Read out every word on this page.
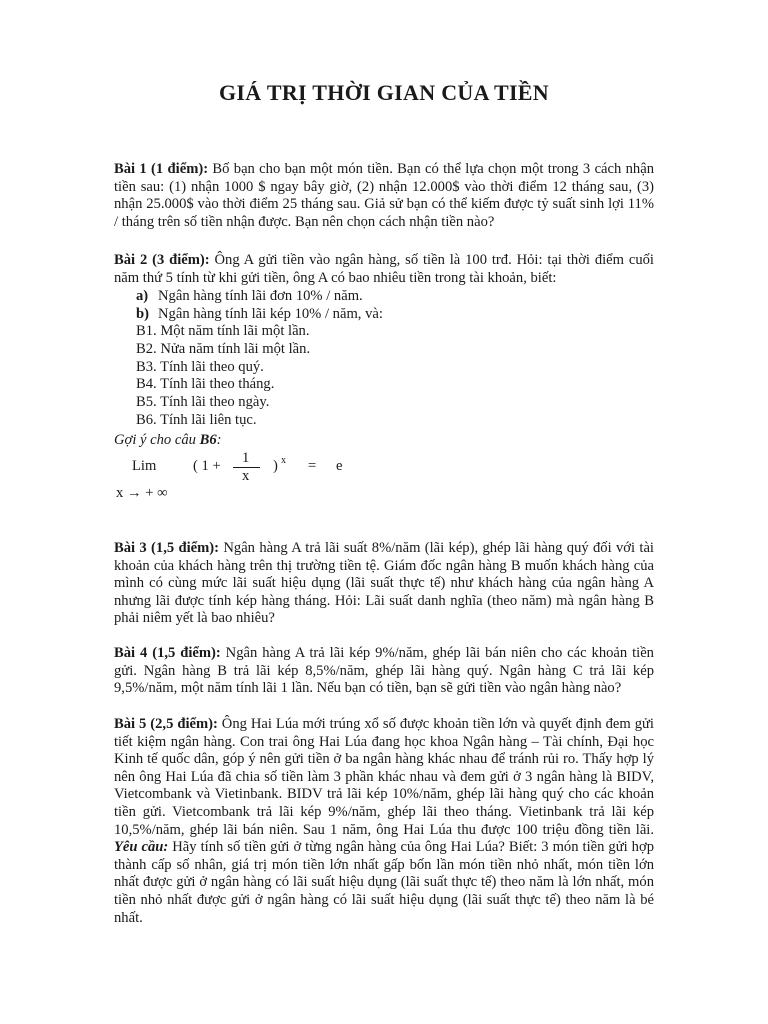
GIÁ TRỊ THỜI GIAN CỦA TIỀN
Bài 1 (1 điểm): Bố bạn cho bạn một món tiền. Bạn có thể lựa chọn một trong 3 cách nhận tiền sau: (1) nhận 1000 $ ngay bây giờ, (2) nhận 12.000$ vào thời điểm 12 tháng sau, (3) nhận 25.000$ vào thời điểm 25 tháng sau. Giả sử bạn có thể kiếm được tỷ suất sinh lợi 11% / tháng trên số tiền nhận được. Bạn nên chọn cách nhận tiền nào?
Bài 2 (3 điểm): Ông A gửi tiền vào ngân hàng, số tiền là 100 trđ. Hỏi: tại thời điểm cuối năm thứ 5 tính từ khi gửi tiền, ông A có bao nhiêu tiền trong tài khoản, biết:
a) Ngân hàng tính lãi đơn 10% / năm.
b) Ngân hàng tính lãi kép 10% / năm, và:
B1. Một năm tính lãi một lần.
B2. Nửa năm tính lãi một lần.
B3. Tính lãi theo quý.
B4. Tính lãi theo tháng.
B5. Tính lãi theo ngày.
B6. Tính lãi liên tục.
Gợi ý cho câu B6:
Lim	( 1 + 1
x
) x = e
x → + ∞
Bài 3 (1,5 điểm): Ngân hàng A trả lãi suất 8%/năm (lãi kép), ghép lãi hàng quý đối với tài khoản của khách hàng trên thị trường tiền tệ. Giám đốc ngân hàng B muốn khách hàng của mình có cùng mức lãi suất hiệu dụng (lãi suất thực tế) như khách hàng của ngân hàng A nhưng lãi được tính kép hàng tháng. Hỏi: Lãi suất danh nghĩa (theo năm) mà ngân hàng B phải niêm yết là bao nhiêu?
Bài 4 (1,5 điểm): Ngân hàng A trả lãi kép 9%/năm, ghép lãi bán niên cho các khoản tiền gửi. Ngân hàng B trả lãi kép 8,5%/năm, ghép lãi hàng quý. Ngân hàng C trả lãi kép 9,5%/năm, một năm tính lãi 1 lần. Nếu bạn có tiền, bạn sẽ gửi tiền vào ngân hàng nào?
Bài 5 (2,5 điểm): Ông Hai Lúa mới trúng xổ số được khoản tiền lớn và quyết định đem gửi tiết kiệm ngân hàng. Con trai ông Hai Lúa đang học khoa Ngân hàng – Tài chính, Đại học Kinh tế quốc dân, góp ý nên gửi tiền ở ba ngân hàng khác nhau để tránh rủi ro. Thấy hợp lý nên ông Hai Lúa đã chia số tiền làm 3 phần khác nhau và đem gửi ở 3 ngân hàng là BIDV, Vietcombank và Vietinbank. BIDV trả lãi kép 10%/năm, ghép lãi hàng quý cho các khoản tiền gửi. Vietcombank trả lãi kép 9%/năm, ghép lãi theo tháng. Vietinbank trả lãi kép 10,5%/năm, ghép lãi bán niên. Sau 1 năm, ông Hai Lúa thu được 100 triệu đồng tiền lãi. Yêu cầu: Hãy tính số tiền gửi ở từng ngân hàng của ông Hai Lúa? Biết: 3 món tiền gửi hợp thành cấp số nhân, giá trị món tiền lớn nhất gấp bốn lần món tiền nhỏ nhất, món tiền lớn nhất được gửi ở ngân hàng có lãi suất hiệu dụng (lãi suất thực tế) theo năm là lớn nhất, món tiền nhỏ nhất được gửi ở ngân hàng có lãi suất hiệu dụng (lãi suất thực tế) theo năm là bé nhất.
